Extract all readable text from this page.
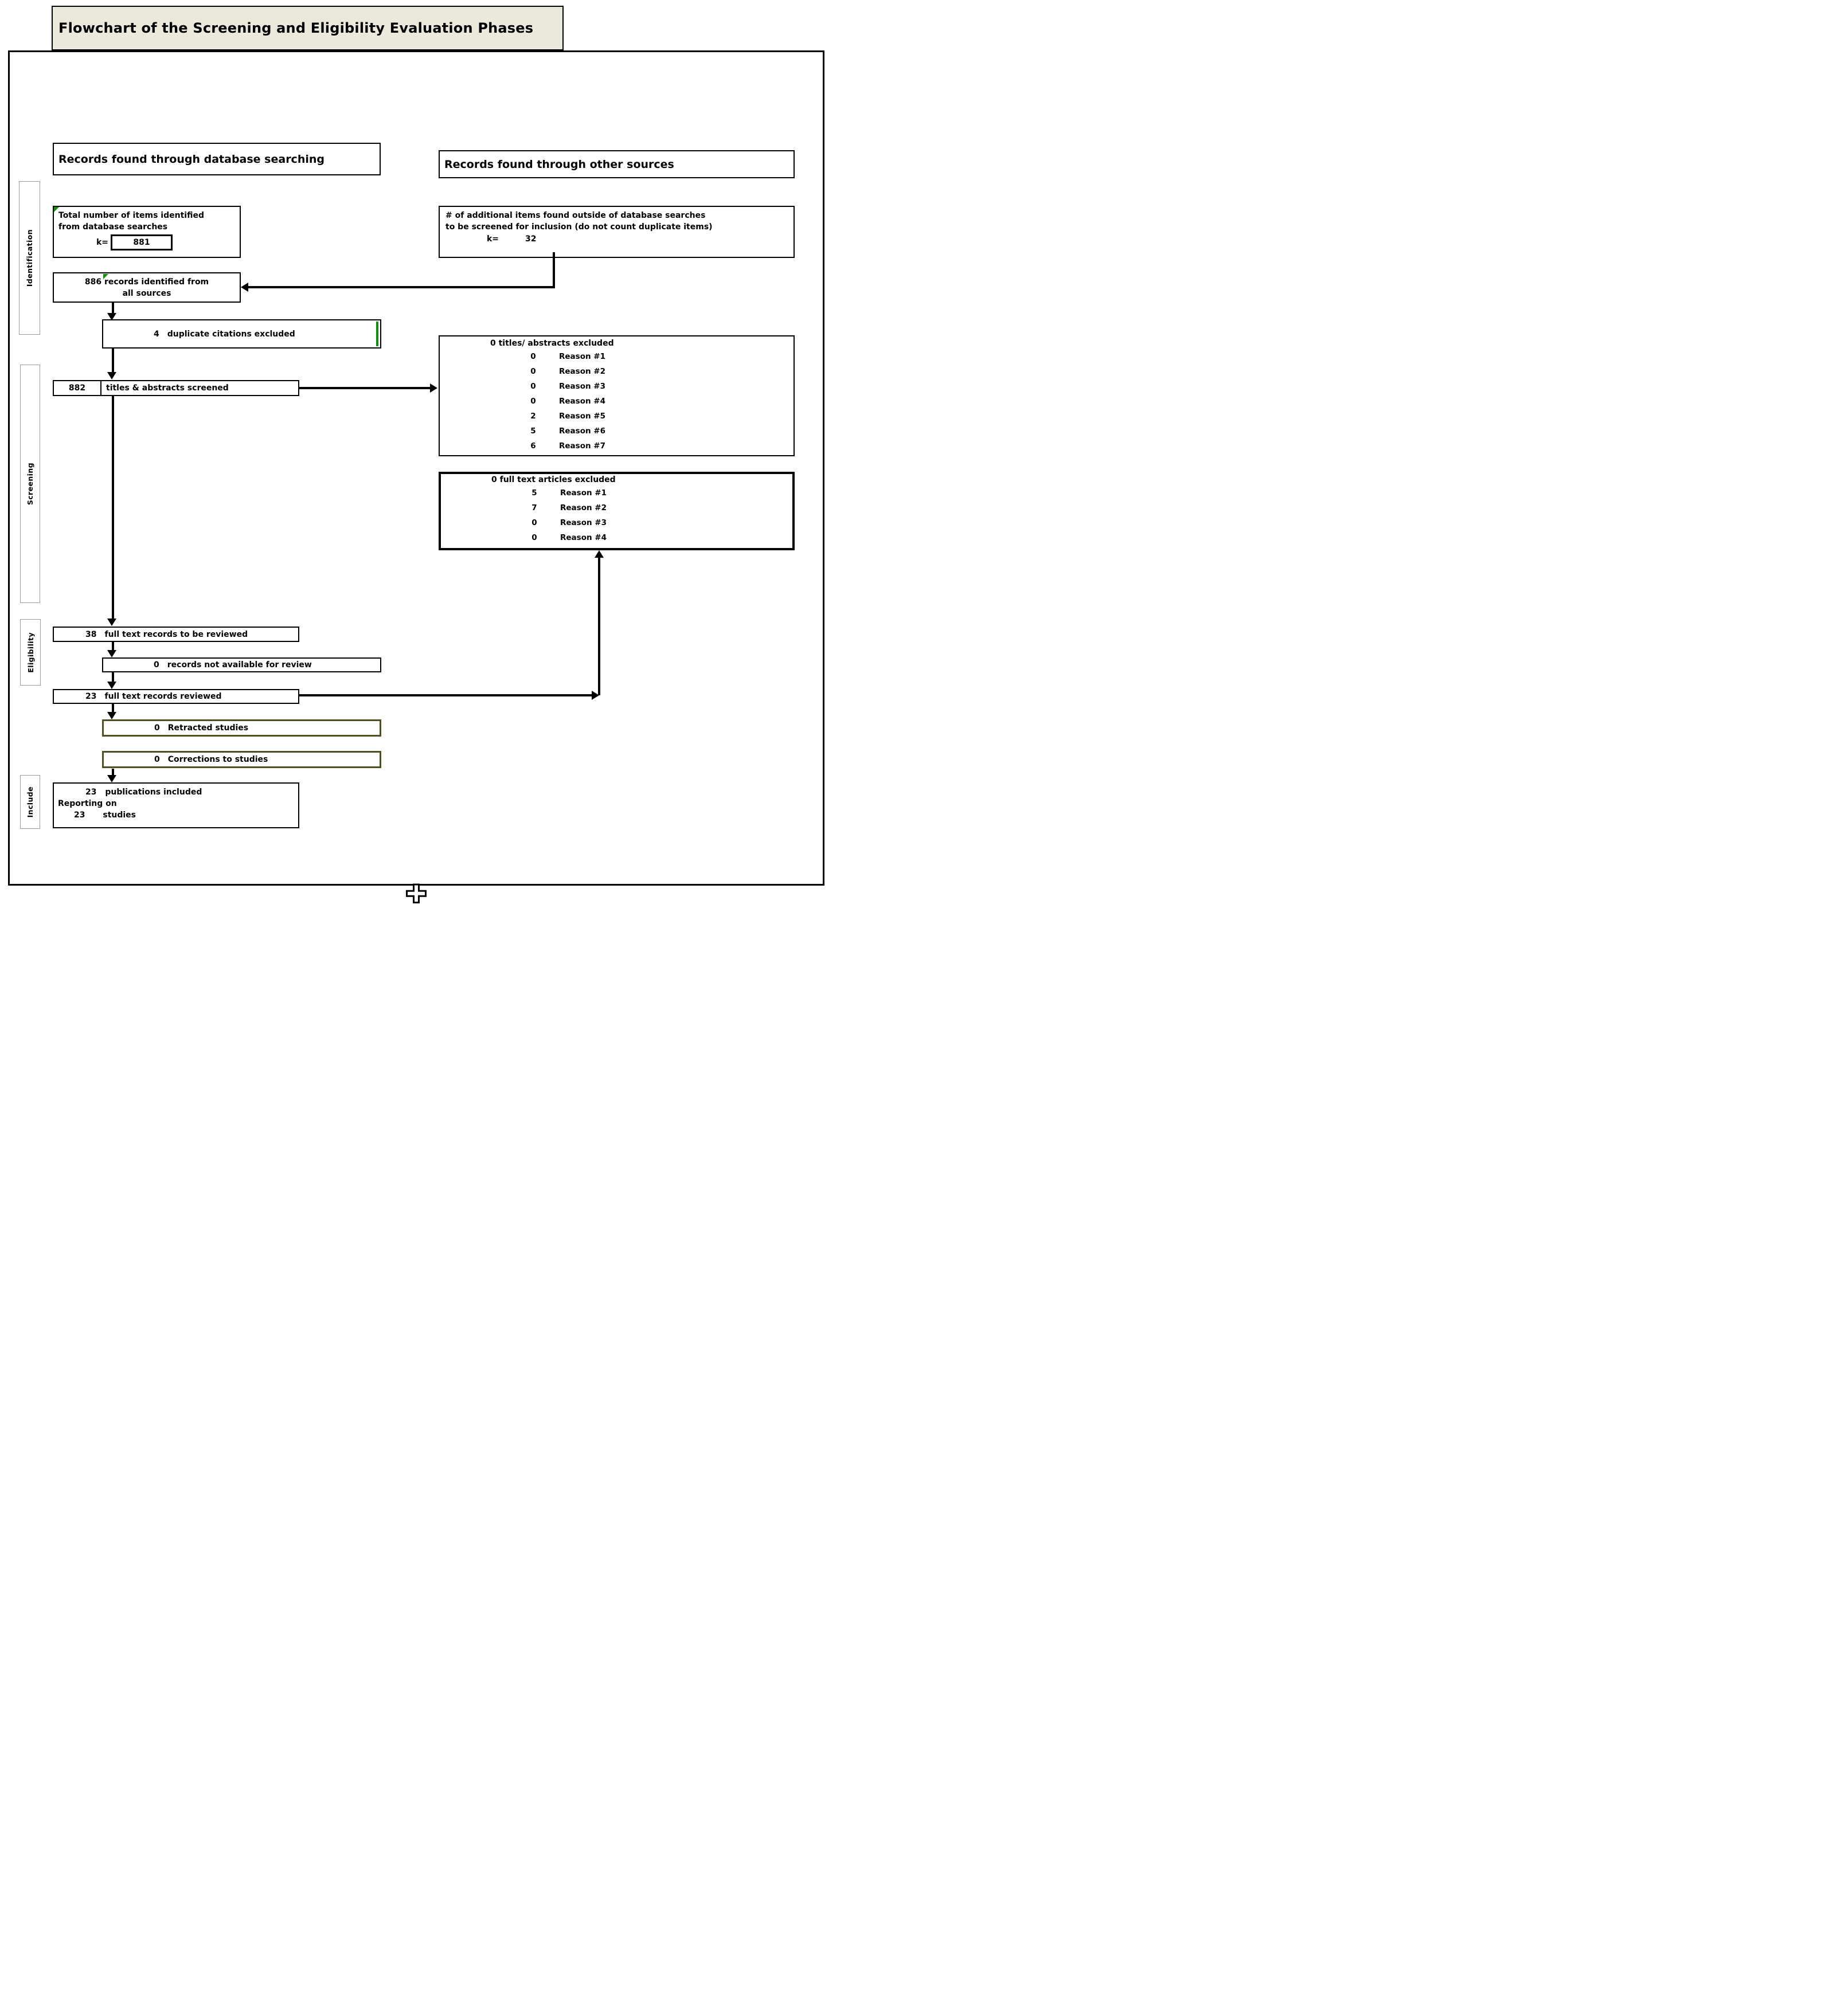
Flowchart of the Screening and Eligibility Evaluation Phases
Identification
Screening
Eligibility
Include
Records found through database searching	Records found through other sources
Total number of items identified
from database searches
k=	881
# of additional items found outside of database searches
to be screened for inclusion (do not count duplicate items)
k=	32
886 records identified from
all sources
4 duplicate citations excluded
882	titles & abstracts screened
0 titles/ abstracts excluded
0	Reason #1
0	Reason #2
0	Reason #3
0	Reason #4
2	Reason #5
5	Reason #6
6	Reason #7
0 full text articles excluded
5	Reason #1
7	Reason #2
0	Reason #3
0	Reason #4
38 full text records to be reviewed
0 records not available for review
23 full text records reviewed
0 Retracted studies
0 Corrections to studies
23 publications included
Reporting on
23 studies
